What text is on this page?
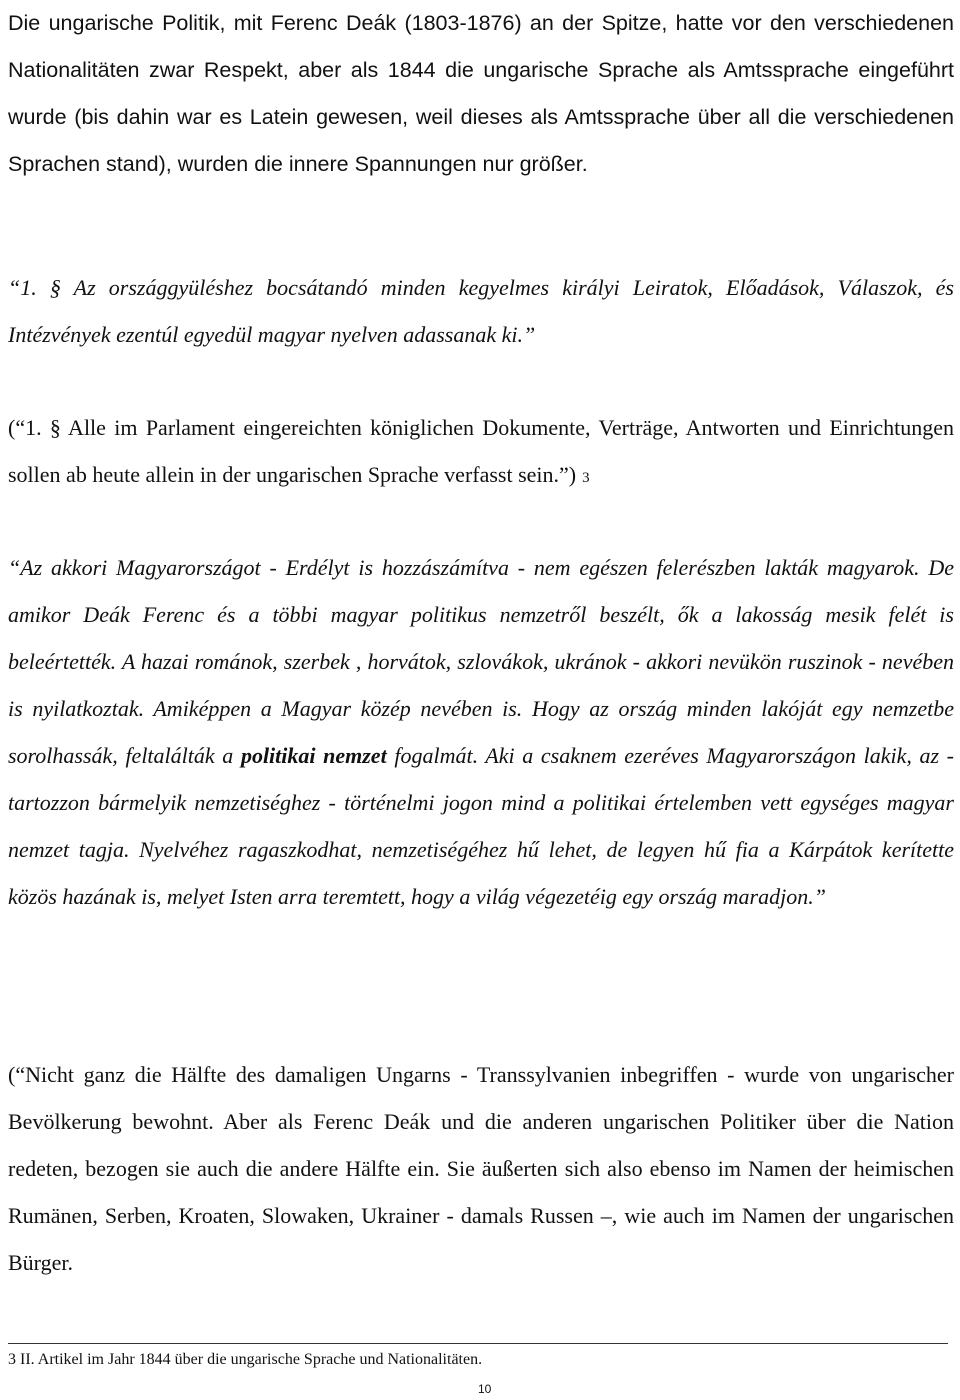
Die ungarische Politik, mit Ferenc Deák (1803-1876) an der Spitze, hatte vor den verschiedenen Nationalitäten zwar Respekt, aber als 1844 die ungarische Sprache als Amtssprache eingeführt wurde (bis dahin war es Latein gewesen, weil dieses als Amtssprache über all die verschiedenen Sprachen stand), wurden die innere Spannungen nur größer.

“1. § Az országgyüléshez bocsátandó minden kegyelmes királyi Leiratok, Előadások, Válaszok, és Intézvények ezentúl egyedül magyar nyelven adassanak ki.”

(“1. § Alle im Parlament eingereichten königlichen Dokumente, Verträge, Antworten und Einrichtungen sollen ab heute allein in der ungarischen Sprache verfasst sein.”) 3

“Az akkori Magyarországot - Erdélyt is hozzászámítva - nem egészen felerészben lakták magyarok. De amikor Deák Ferenc és a többi magyar politikus nemzetről beszélt, ők a lakosság mesik felét is beleértették. A hazai románok, szerbek , horvátok, szlovákok, ukránok - akkori nevükön ruszinok - nevében is nyilatkoztak. Amiképpen a Magyar közép nevében is. Hogy az ország minden lakóját egy nemzetbe sorolhassák, feltalálták a politikai nemzet fogalmát. Aki a csaknem ezeréves Magyarországon lakik, az - tartozzon bármelyik nemzetiséghez - történelmi jogon mind a politikai értelemben vett egységes magyar nemzet tagja. Nyelvéhez ragaszkodhat, nemzetiségéhez hű lehet, de legyen hű fia a Kárpátok kerítette közös hazának is, melyet Isten arra teremtett, hogy a világ végezetéig egy ország maradjon.”

(“Nicht ganz die Hälfte des damaligen Ungarns - Transsylvanien inbegriffen - wurde von ungarischer Bevölkerung bewohnt. Aber als Ferenc Deák und die anderen ungarischen Politiker über die Nation redeten, bezogen sie auch die andere Hälfte ein. Sie äußerten sich also ebenso im Namen der heimischen Rumänen, Serben, Kroaten, Slowaken, Ukrainer - damals Russen –, wie auch im Namen der ungarischen Bürger.

3 II. Artikel im Jahr 1844 über die ungarische Sprache und Nationalitäten.
10
